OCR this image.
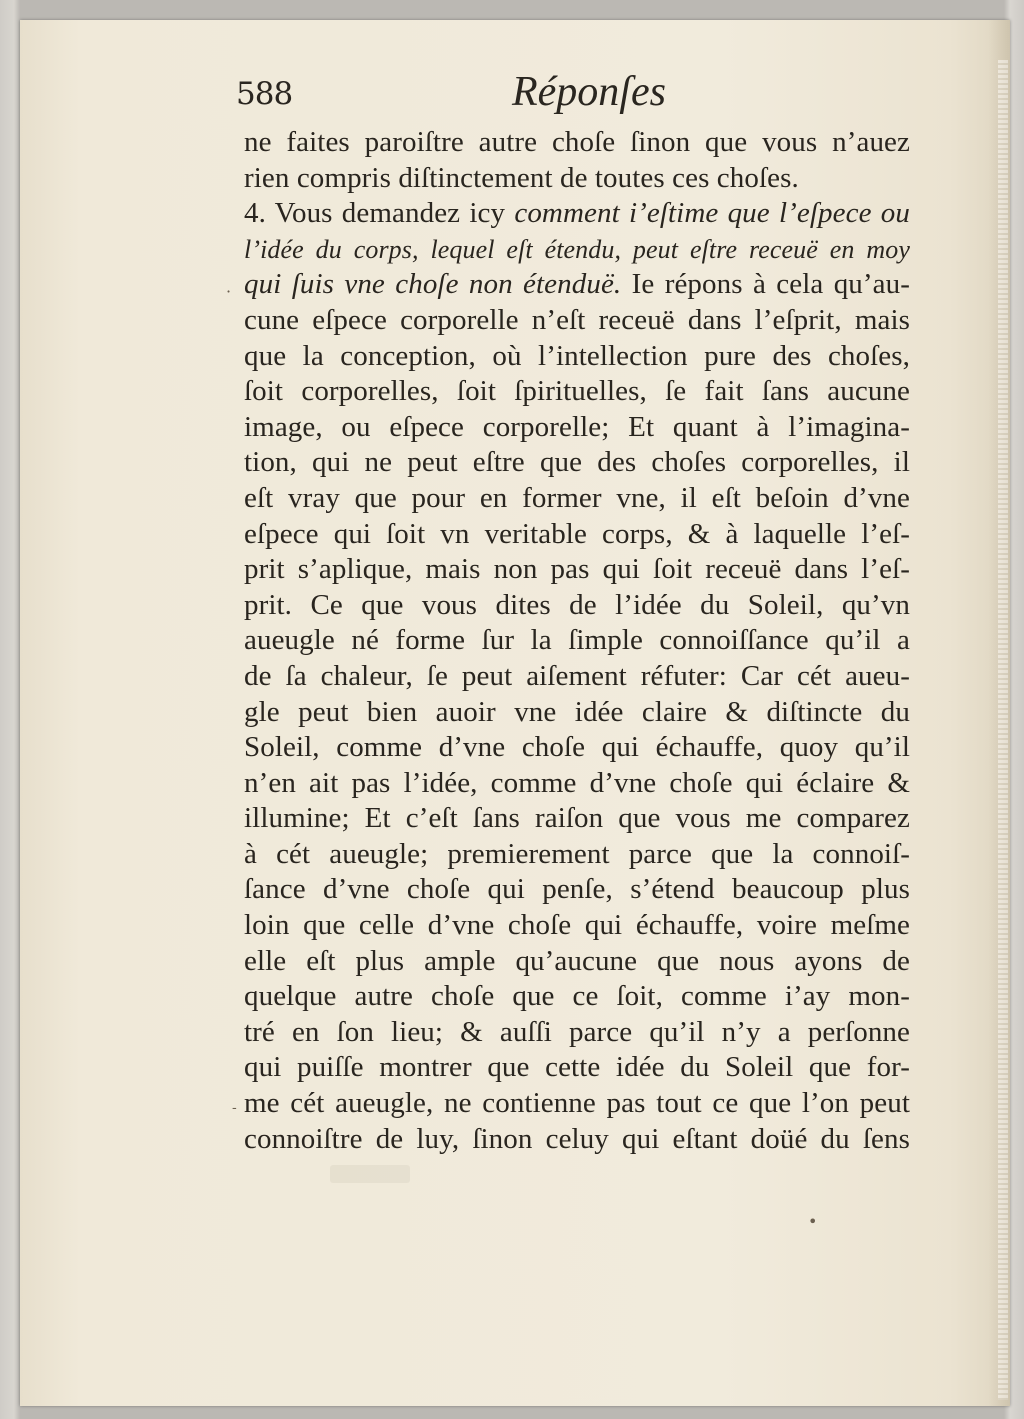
588	Réponſes
ne faites paroiſtre autre choſe ſinon que vous n’auez
rien compris diſtinctement de toutes ces choſes.
4. Vous demandez icy comment i’eſtime que l’eſpece ou
l’idée du corps, lequel eſt étendu, peut eſtre receuë en moy
qui ſuis vne choſe non étenduë. Ie répons à cela qu’au-
cune eſpece corporelle n’eſt receuë dans l’eſprit, mais
que la conception, où l’intellection pure des choſes,
ſoit corporelles, ſoit ſpirituelles, ſe fait ſans aucune
image, ou eſpece corporelle; Et quant à l’imagina-
tion, qui ne peut eſtre que des choſes corporelles, il
eſt vray que pour en former vne, il eſt beſoin d’vne
eſpece qui ſoit vn veritable corps, & à laquelle l’eſ-
prit s’aplique, mais non pas qui ſoit receuë dans l’eſ-
prit. Ce que vous dites de l’idée du Soleil, qu’vn
aueugle né forme ſur la ſimple connoiſſance qu’il a
de ſa chaleur, ſe peut aiſement réfuter: Car cét aueu-
gle peut bien auoir vne idée claire & diſtincte du
Soleil, comme d’vne choſe qui échauffe, quoy qu’il
n’en ait pas l’idée, comme d’vne choſe qui éclaire &
illumine; Et c’eſt ſans raiſon que vous me comparez
à cét aueugle; premierement parce que la connoiſ-
ſance d’vne choſe qui penſe, s’étend beaucoup plus
loin que celle d’vne choſe qui échauffe, voire meſme
elle eſt plus ample qu’aucune que nous ayons de
quelque autre choſe que ce ſoit, comme i’ay mon-
tré en ſon lieu; & auſſi parce qu’il n’y a perſonne
qui puiſſe montrer que cette idée du Soleil que for-
me cét aueugle, ne contienne pas tout ce que l’on peut
connoiſtre de luy, ſinon celuy qui eſtant doüé du ſens
·
-
•
